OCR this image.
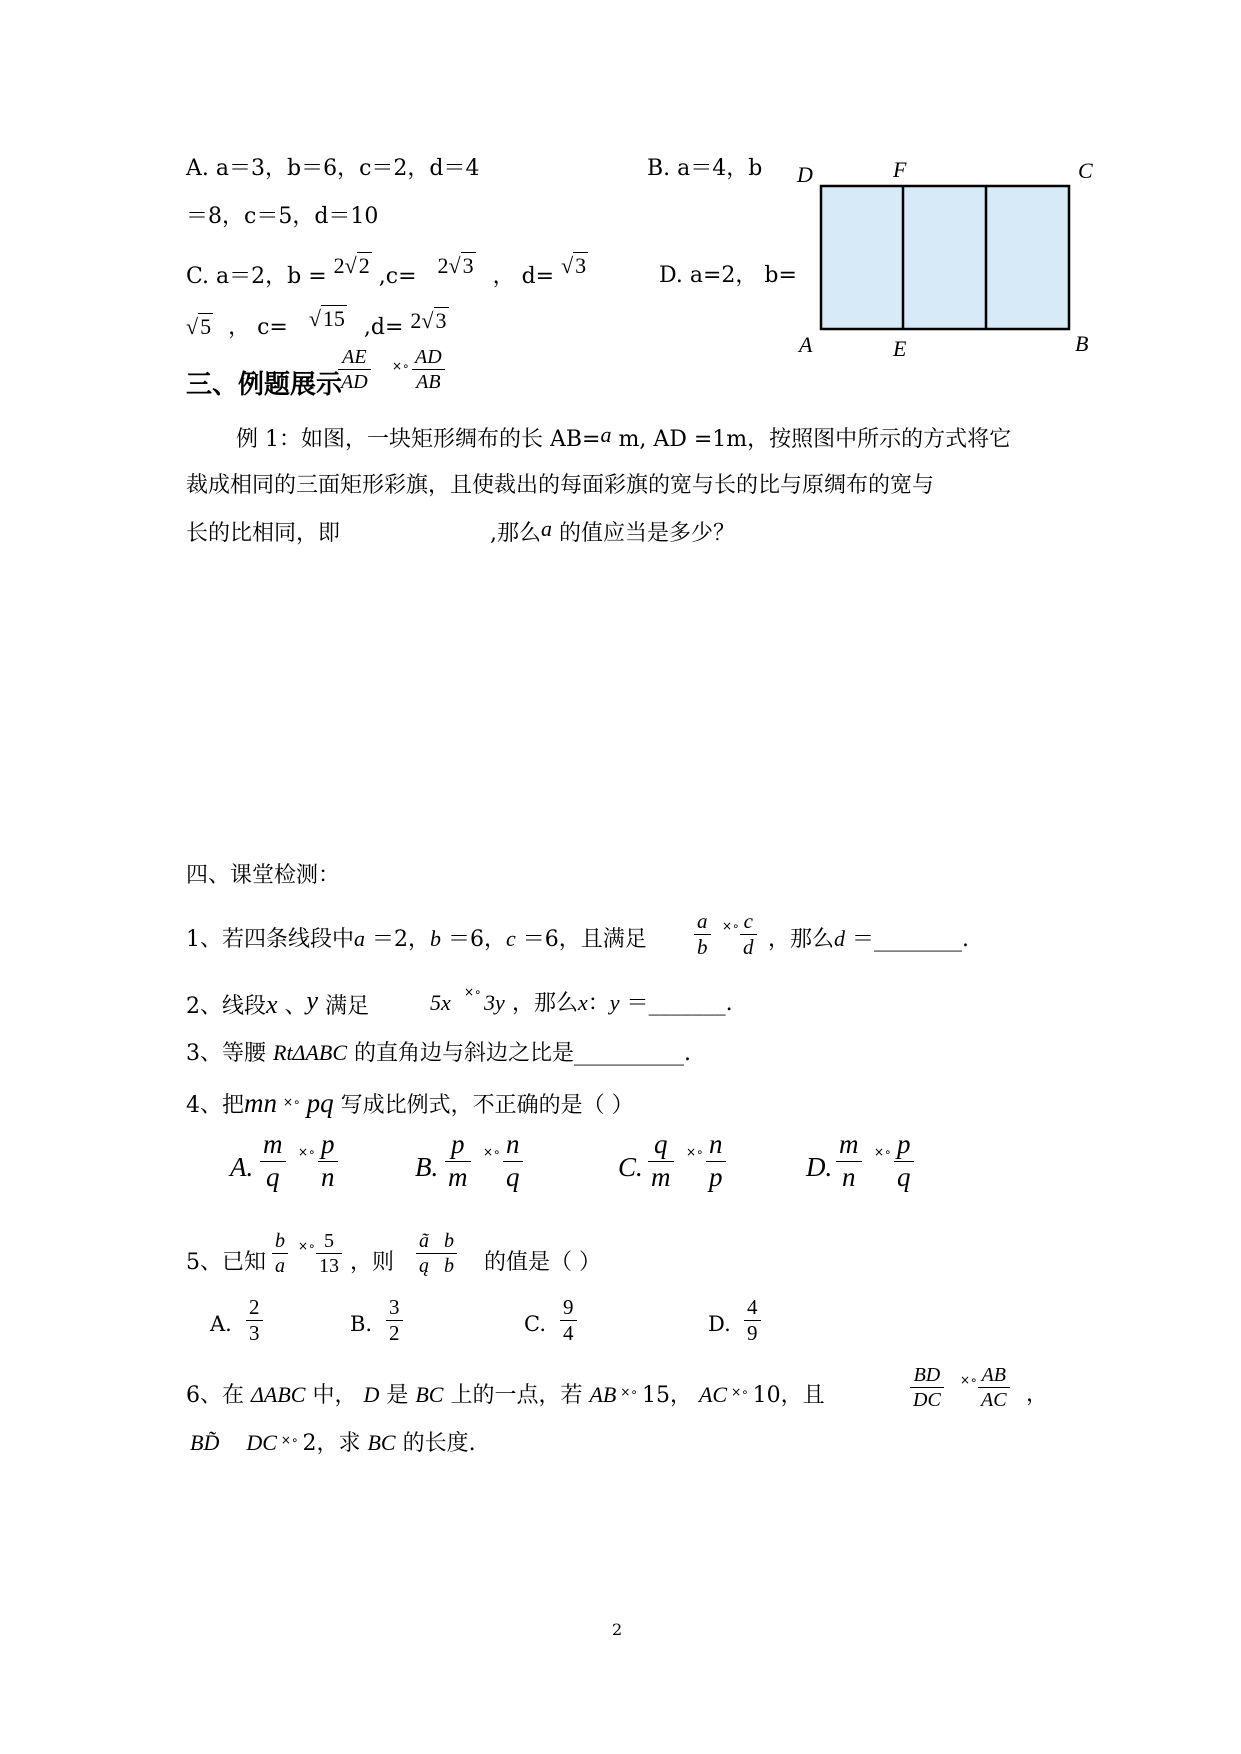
A. a＝3，b＝6，c＝2，d＝4	B. a＝4，b
＝8，c＝5，d＝10
C. a＝2，b = 2√2 ,c= 2√3 ， d= √3	D. a=2， b=
√5 ， c= √15 ,d= 2√3
D	F	C
A	E	B
三、例题展示
$\frac{AE}{AD}$ ×∘ $\frac{AD}{AB}$
例 1：如图，一块矩形绸布的长 AB=a m, AD =1m，按照图中所示的方式将它
裁成相同的三面矩形彩旗，且使裁出的每面彩旗的宽与长的比与原绸布的宽与
长的比相同，即	,那么a 的值应当是多少？
四、课堂检测：
1、若四条线段中a ＝2，b ＝6，c ＝6，且满足 $\frac{a}{b}$ ×∘ $\frac{c}{d}$ ，那么d ＝________.
2、线段x 、y 满足	5x ×∘ 3y ，那么x：y ＝_______.
3、等腰 RtΔABC 的直角边与斜边之比是__________.
4、把mn ×∘ pq 写成比例式，不正确的是（ ）
A. $\frac{m}{q}$ ×∘ $\frac{p}{n}$	B. $\frac{p}{m}$ ×∘ $\frac{n}{q}$	C. $\frac{q}{m}$ ×∘ $\frac{n}{p}$	D. $\frac{m}{n}$ ×∘ $\frac{p}{q}$
5、已知 $\frac{b}{a}$ ×∘ $\frac{5}{13}$ ，则 $\frac{\text{ã   b}}{\text{ą   b}}$ 的值是（ ）
A. $\frac{2}{3}$	B. $\frac{3}{2}$	C. $\frac{9}{4}$	D. $\frac{4}{9}$
6、在 ΔABC 中， D 是 BC 上的一点，若 AB ×∘ 15， AC ×∘ 10，且	$\frac{BD}{DC}$ ×∘ $\frac{AB}{AC}$ ，
BD̃ DC ×∘ 2，求 BC 的长度.
2
